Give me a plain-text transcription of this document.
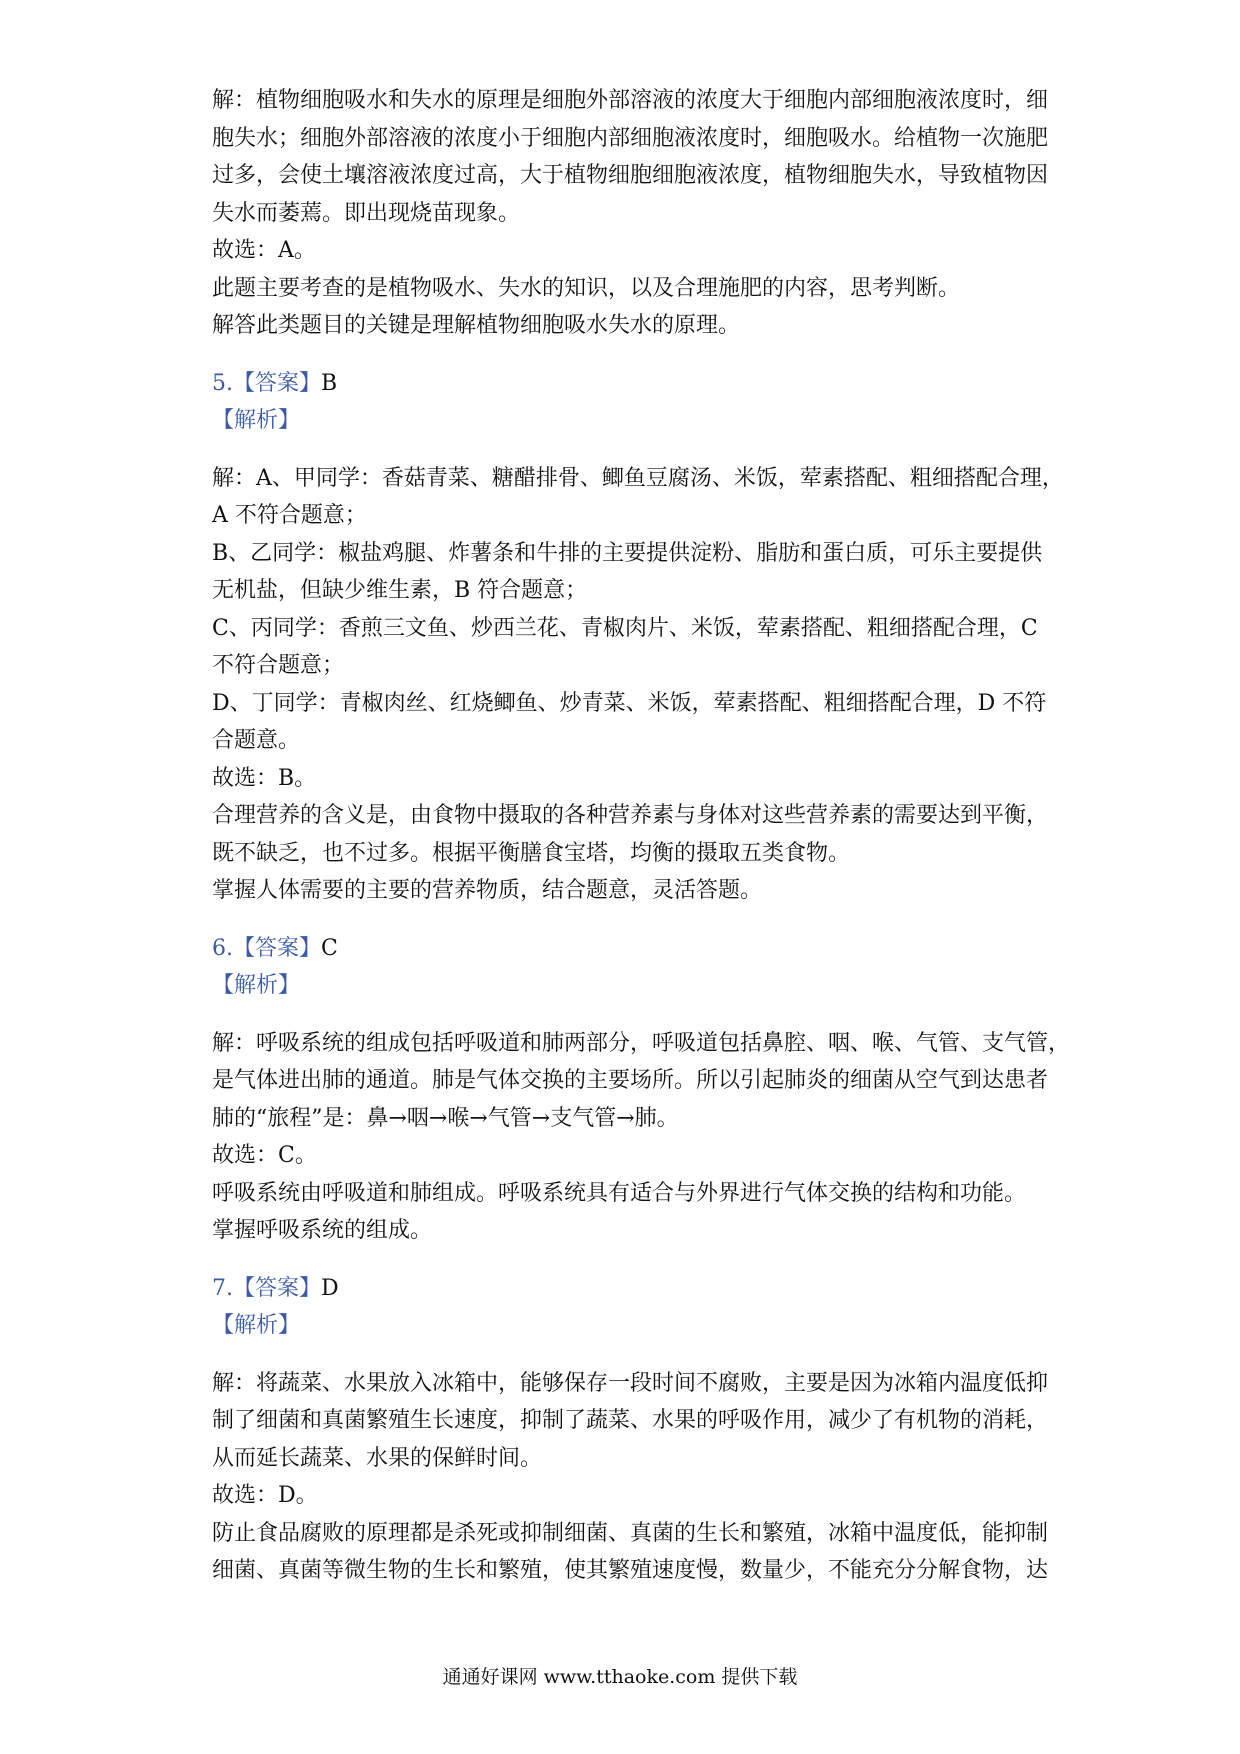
解：植物细胞吸水和失水的原理是细胞外部溶液的浓度大于细胞内部细胞液浓度时，细

胞失水；细胞外部溶液的浓度小于细胞内部细胞液浓度时，细胞吸水。给植物一次施肥

过多，会使土壤溶液浓度过高，大于植物细胞细胞液浓度，植物细胞失水，导致植物因

失水而萎蔫。即出现烧苗现象。

故选：A。

此题主要考查的是植物吸水、失水的知识，以及合理施肥的内容，思考判断。

解答此类题目的关键是理解植物细胞吸水失水的原理。

5.【答案】B

【解析】

解：A、甲同学：香菇青菜、糖醋排骨、鲫鱼豆腐汤、米饭，荤素搭配、粗细搭配合理，

A 不符合题意；

B、乙同学：椒盐鸡腿、炸薯条和牛排的主要提供淀粉、脂肪和蛋白质，可乐主要提供

无机盐，但缺少维生素，B 符合题意；

C、丙同学：香煎三文鱼、炒西兰花、青椒肉片、米饭，荤素搭配、粗细搭配合理，C

不符合题意；

D、丁同学：青椒肉丝、红烧鲫鱼、炒青菜、米饭，荤素搭配、粗细搭配合理，D 不符

合题意。

故选：B。

合理营养的含义是，由食物中摄取的各种营养素与身体对这些营养素的需要达到平衡，

既不缺乏，也不过多。根据平衡膳食宝塔，均衡的摄取五类食物。

掌握人体需要的主要的营养物质，结合题意，灵活答题。

6.【答案】C

【解析】

解：呼吸系统的组成包括呼吸道和肺两部分，呼吸道包括鼻腔、咽、喉、气管、支气管，

是气体进出肺的通道。肺是气体交换的主要场所。所以引起肺炎的细菌从空气到达患者

肺的“旅程”是：鼻→咽→喉→气管→支气管→肺。

故选：C。

呼吸系统由呼吸道和肺组成。呼吸系统具有适合与外界进行气体交换的结构和功能。

掌握呼吸系统的组成。

7.【答案】D

【解析】

解：将蔬菜、水果放入冰箱中，能够保存一段时间不腐败，主要是因为冰箱内温度低抑

制了细菌和真菌繁殖生长速度，抑制了蔬菜、水果的呼吸作用，减少了有机物的消耗，

从而延长蔬菜、水果的保鲜时间。

故选：D。

防止食品腐败的原理都是杀死或抑制细菌、真菌的生长和繁殖，冰箱中温度低，能抑制

细菌、真菌等微生物的生长和繁殖，使其繁殖速度慢，数量少，不能充分分解食物，达

通通好课网 www.tthaoke.com 提供下载
